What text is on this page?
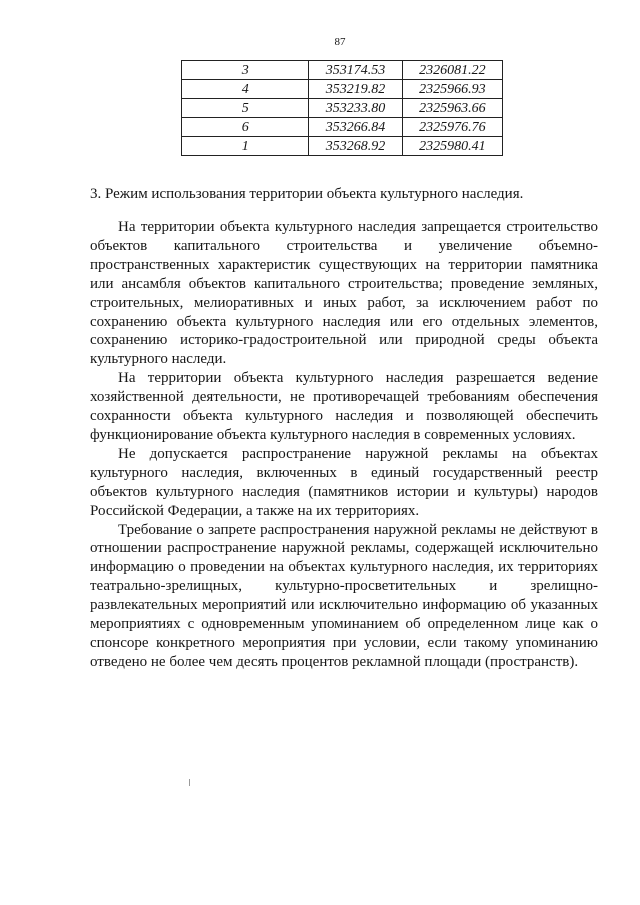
87
3	353174.53	2326081.22
4	353219.82	2325966.93
5	353233.80	2325963.66
6	353266.84	2325976.76
1	353268.92	2325980.41
3. Режим использования территории объекта культурного наследия.

На территории объекта культурного наследия запрещается строительство объектов капитального строительства и увеличение объемно-пространственных характеристик существующих на территории памятника или ансамбля объектов капитального строительства; проведение земляных, строительных, мелиоративных и иных работ, за исключением работ по сохранению объекта культурного наследия или его отдельных элементов, сохранению историко-градостроительной или природной среды объекта культурного наследи.

На территории объекта культурного наследия разрешается ведение хозяйственной деятельности, не противоречащей требованиям обеспечения сохранности объекта культурного наследия и позволяющей обеспечить функционирование объекта культурного наследия в современных условиях.

Не допускается распространение наружной рекламы на объектах культурного наследия, включенных в единый государственный реестр объектов культурного наследия (памятников истории и культуры) народов Российской Федерации, а также на их территориях.

Требование о запрете распространения наружной рекламы не действуют в отношении распространение наружной рекламы, содержащей исключительно информацию о проведении на объектах культурного наследия, их территориях театрально-зрелищных, культурно-просветительных и зрелищно-развлекательных мероприятий или исключительно информацию об указанных мероприятиях с одновременным упоминанием об определенном лице как о спонсоре конкретного мероприятия при условии, если такому упоминанию отведено не более чем десять процентов рекламной площади (пространств).
